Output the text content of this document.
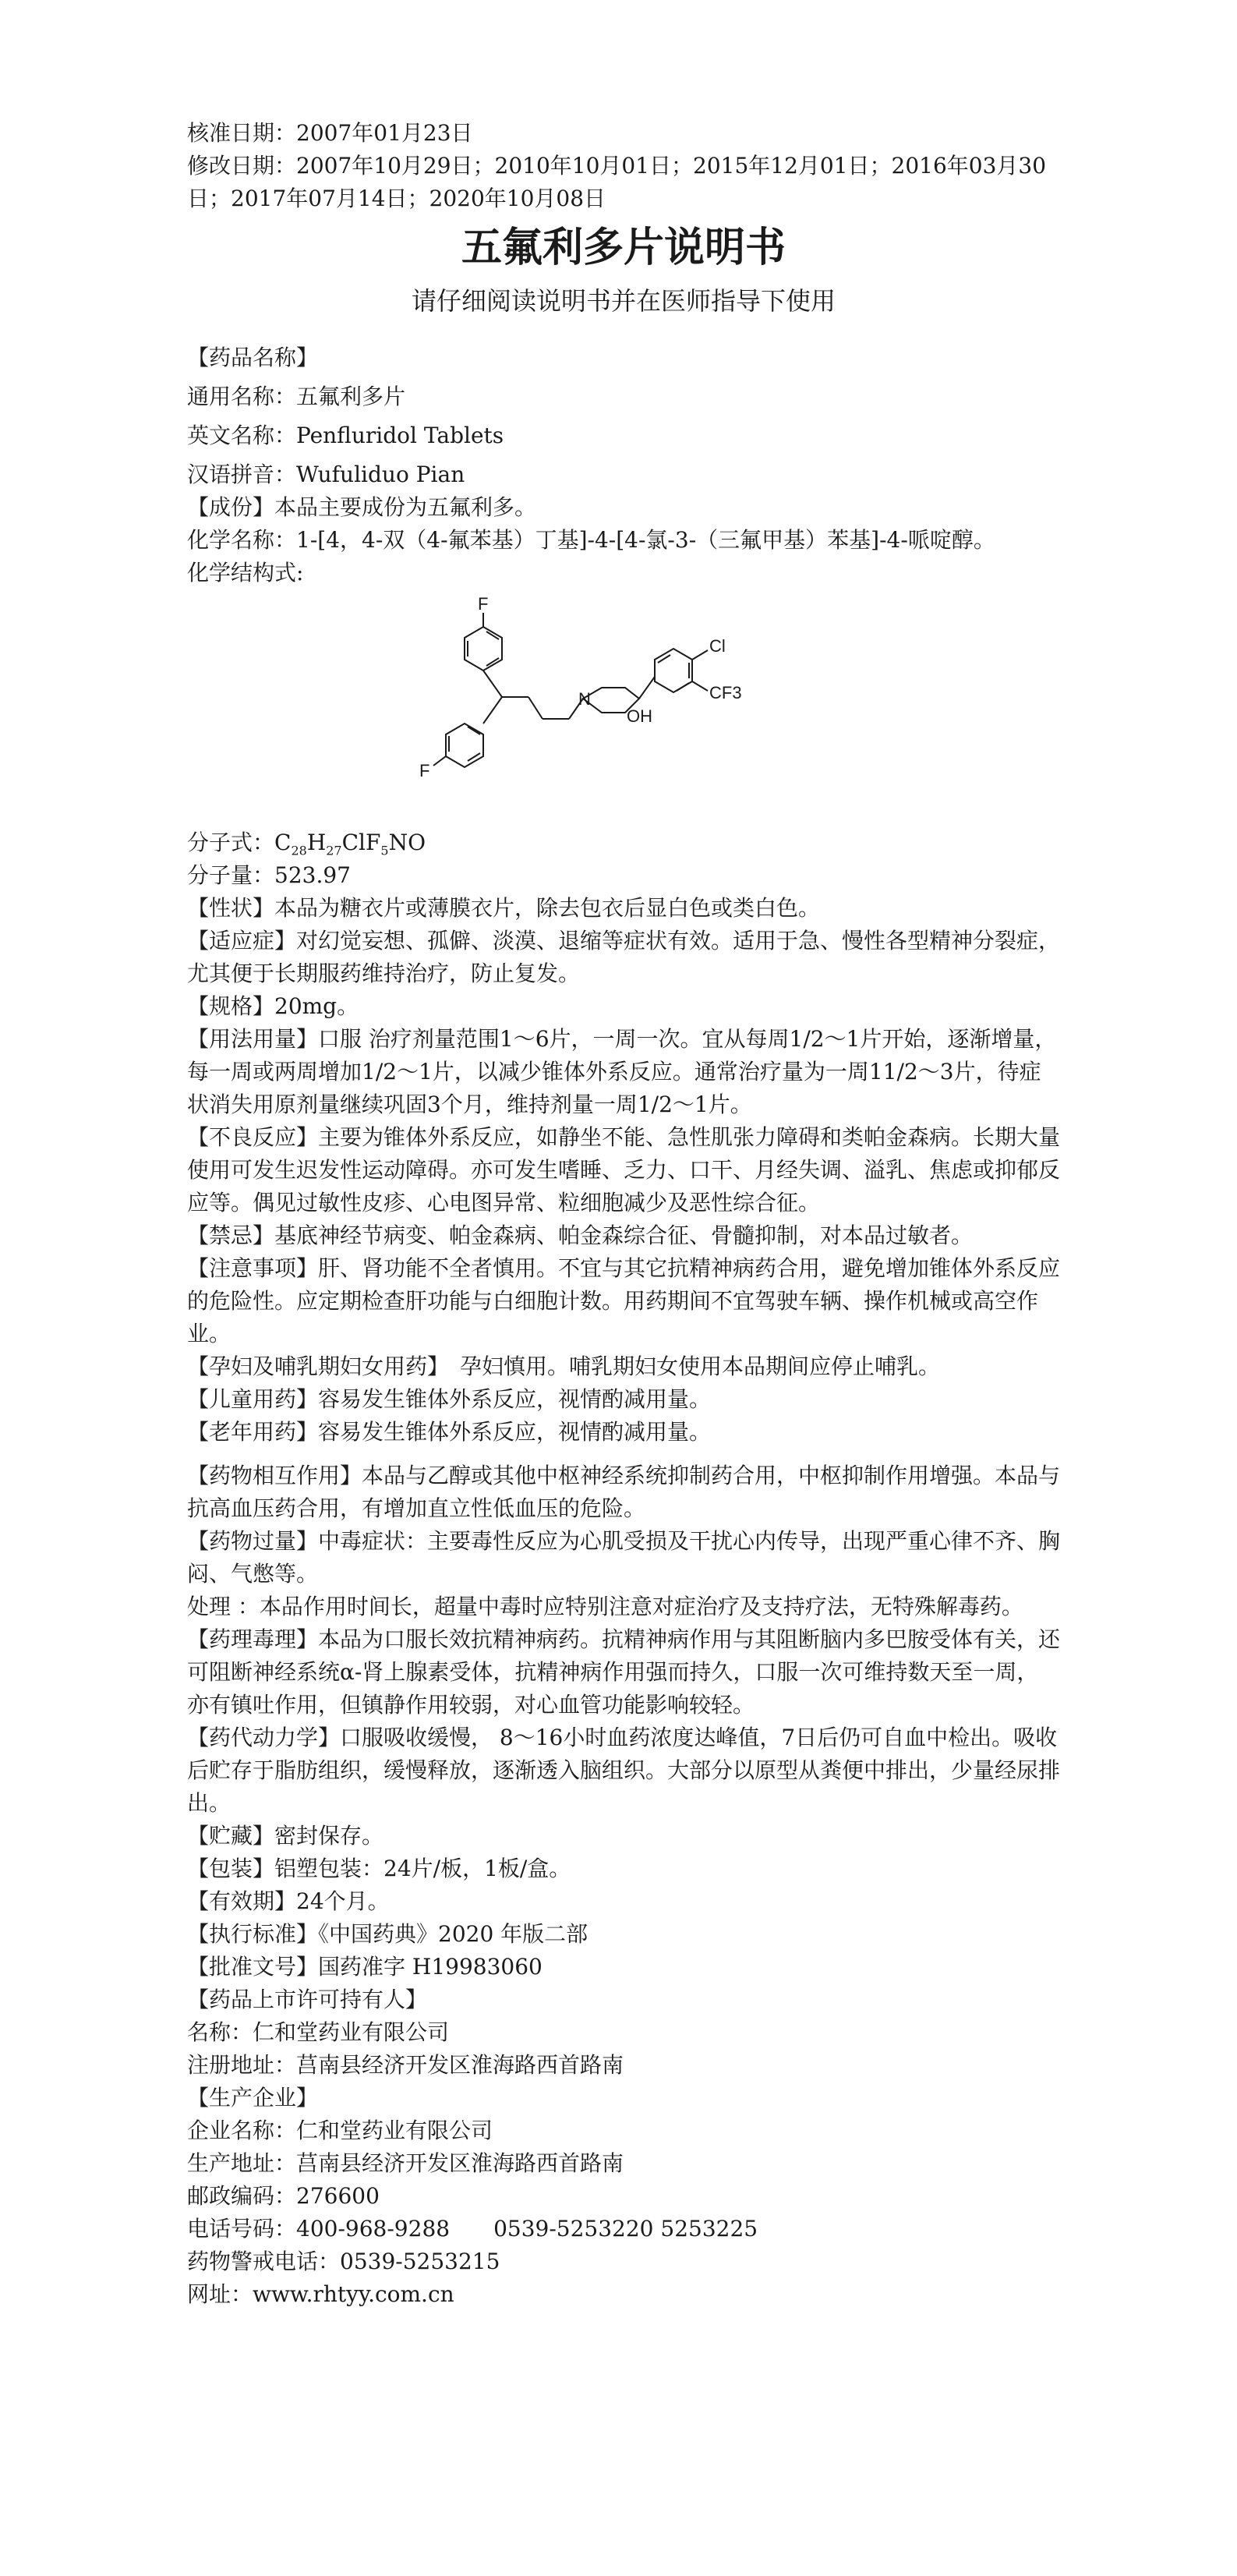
核准日期：2007年01月23日

修改日期：2007年10月29日；2010年10月01日；2015年12月01日；2016年03月30日；2017年07月14日；2020年10月08日

五氟利多片说明书
请仔细阅读说明书并在医师指导下使用

【药品名称】

通用名称：五氟利多片

英文名称：Penfluridol Tablets

汉语拼音：Wufuliduo Pian

【成份】本品主要成份为五氟利多。

化学名称：1-[4，4-双（4-氟苯基）丁基]-4-[4-氯-3-（三氟甲基）苯基]-4-哌啶醇。

化学结构式:

F
F
N
OH
Cl
CF3

分子式：$C_{28}H_{27}ClF_5NO$

分子量：523.97

【性状】本品为糖衣片或薄膜衣片，除去包衣后显白色或类白色。

【适应症】对幻觉妄想、孤僻、淡漠、退缩等症状有效。适用于急、慢性各型精神分裂症，尤其便于长期服药维持治疗，防止复发。

【规格】20mg。

【用法用量】口服 治疗剂量范围1～6片，一周一次。宜从每周1/2～1片开始，逐渐增量，每一周或两周增加1/2～1片，以减少锥体外系反应。通常治疗量为一周11/2～3片，待症状消失用原剂量继续巩固3个月，维持剂量一周1/2～1片。

【不良反应】主要为锥体外系反应，如静坐不能、急性肌张力障碍和类帕金森病。长期大量使用可发生迟发性运动障碍。亦可发生嗜睡、乏力、口干、月经失调、溢乳、焦虑或抑郁反应等。偶见过敏性皮疹、心电图异常、粒细胞减少及恶性综合征。

【禁忌】基底神经节病变、帕金森病、帕金森综合征、骨髓抑制，对本品过敏者。

【注意事项】肝、肾功能不全者慎用。不宜与其它抗精神病药合用，避免增加锥体外系反应的危险性。应定期检查肝功能与白细胞计数。用药期间不宜驾驶车辆、操作机械或高空作业。

【孕妇及哺乳期妇女用药】　孕妇慎用。哺乳期妇女使用本品期间应停止哺乳。

【儿童用药】容易发生锥体外系反应，视情酌减用量。

【老年用药】容易发生锥体外系反应，视情酌减用量。

【药物相互作用】本品与乙醇或其他中枢神经系统抑制药合用，中枢抑制作用增强。本品与抗高血压药合用，有增加直立性低血压的危险。

【药物过量】中毒症状：主要毒性反应为心肌受损及干扰心内传导，出现严重心律不齐、胸闷、气憋等。

处理 ：本品作用时间长，超量中毒时应特别注意对症治疗及支持疗法，无特殊解毒药。

【药理毒理】本品为口服长效抗精神病药。抗精神病作用与其阻断脑内多巴胺受体有关，还可阻断神经系统α-肾上腺素受体，抗精神病作用强而持久，口服一次可维持数天至一周，亦有镇吐作用，但镇静作用较弱，对心血管功能影响较轻。

【药代动力学】口服吸收缓慢， 8～16小时血药浓度达峰值，7日后仍可自血中检出。吸收后贮存于脂肪组织，缓慢释放，逐渐透入脑组织。大部分以原型从粪便中排出，少量经尿排出。

【贮藏】密封保存。

【包装】铝塑包装：24片/板，1板/盒。

【有效期】24个月。

【执行标准】《中国药典》2020 年版二部

【批准文号】国药准字 H19983060

【药品上市许可持有人】

名称：仁和堂药业有限公司

注册地址：莒南县经济开发区淮海路西首路南

【生产企业】

企业名称：仁和堂药业有限公司

生产地址：莒南县经济开发区淮海路西首路南

邮政编码：276600

电话号码：400-968-9288　　0539-5253220 5253225

药物警戒电话：0539-5253215

网址：www.rhtyy.com.cn
